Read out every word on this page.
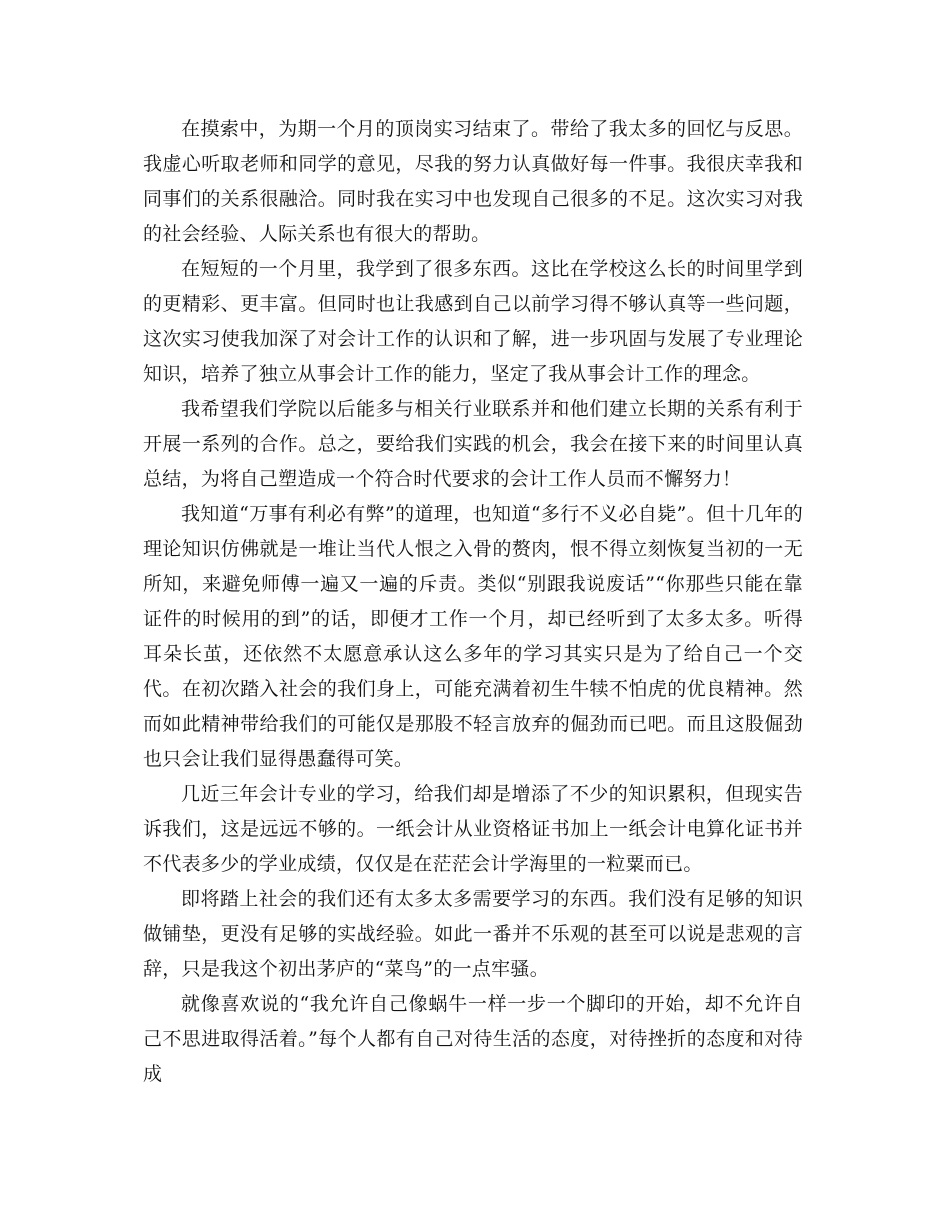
在摸索中，为期一个月的顶岗实习结束了。带给了我太多的回忆与反思。我虚心听取老师和同学的意见，尽我的努力认真做好每一件事。我很庆幸我和同事们的关系很融洽。同时我在实习中也发现自己很多的不足。这次实习对我的社会经验、人际关系也有很大的帮助。

在短短的一个月里，我学到了很多东西。这比在学校这么长的时间里学到的更精彩、更丰富。但同时也让我感到自己以前学习得不够认真等一些问题，这次实习使我加深了对会计工作的认识和了解，进一步巩固与发展了专业理论知识，培养了独立从事会计工作的能力，坚定了我从事会计工作的理念。

我希望我们学院以后能多与相关行业联系并和他们建立长期的关系有利于开展一系列的合作。总之，要给我们实践的机会，我会在接下来的时间里认真总结，为将自己塑造成一个符合时代要求的会计工作人员而不懈努力！

我知道“万事有利必有弊”的道理，也知道“多行不义必自毙”。但十几年的理论知识仿佛就是一堆让当代人恨之入骨的赘肉，恨不得立刻恢复当初的一无所知，来避免师傅一遍又一遍的斥责。类似“别跟我说废话”“你那些只能在靠证件的时候用的到”的话，即便才工作一个月，却已经听到了太多太多。听得耳朵长茧，还依然不太愿意承认这么多年的学习其实只是为了给自己一个交代。在初次踏入社会的我们身上，可能充满着初生牛犊不怕虎的优良精神。然而如此精神带给我们的可能仅是那股不轻言放弃的倔劲而已吧。而且这股倔劲也只会让我们显得愚蠢得可笑。

几近三年会计专业的学习，给我们却是增添了不少的知识累积，但现实告诉我们，这是远远不够的。一纸会计从业资格证书加上一纸会计电算化证书并不代表多少的学业成绩，仅仅是在茫茫会计学海里的一粒粟而已。

即将踏上社会的我们还有太多太多需要学习的东西。我们没有足够的知识做铺垫，更没有足够的实战经验。如此一番并不乐观的甚至可以说是悲观的言辞，只是我这个初出茅庐的“菜鸟”的一点牢骚。

就像喜欢说的“我允许自己像蜗牛一样一步一个脚印的开始，却不允许自己不思进取得活着。”每个人都有自己对待生活的态度，对待挫折的态度和对待成
